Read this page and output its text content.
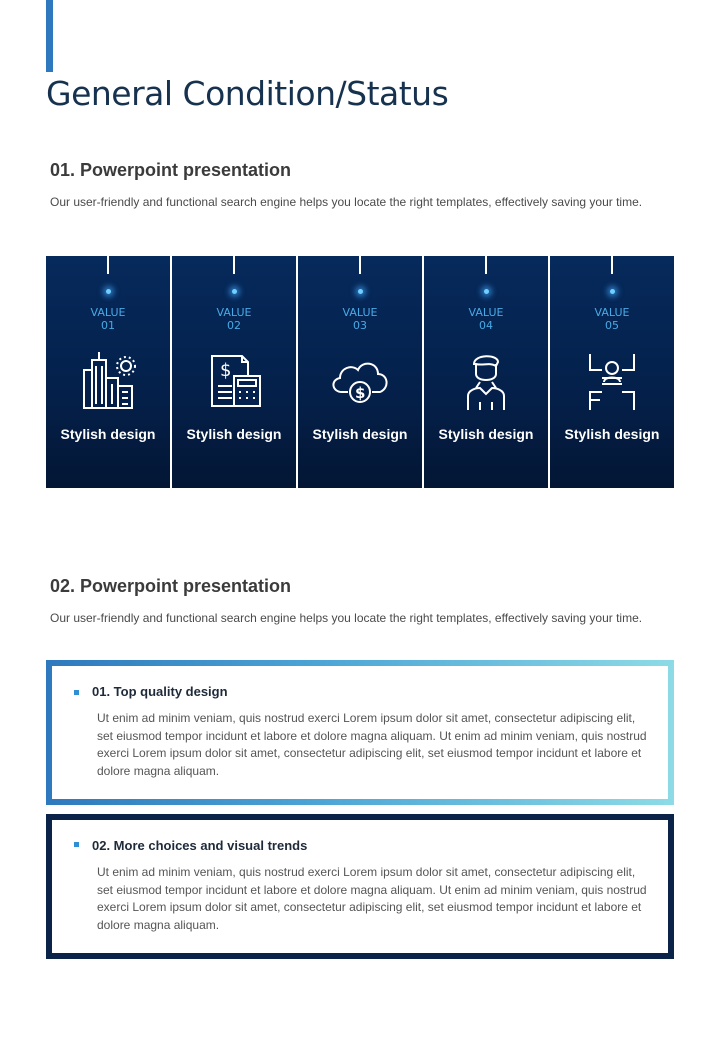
General Condition/Status
01. Powerpoint presentation

Our user-friendly and functional search engine helps you locate the right templates, effectively saving your time.

VALUE
01
Stylish design
VALUE
02
$
Stylish design
VALUE
03
$
Stylish design
VALUE
04
Stylish design
VALUE
05
Stylish design
02. Powerpoint presentation

Our user-friendly and functional search engine helps you locate the right templates, effectively saving your time.

01. Top quality design

Ut enim ad minim veniam, quis nostrud exerci Lorem ipsum dolor sit amet, consectetur adipiscing elit, set eiusmod tempor incidunt et labore et dolore magna aliquam. Ut enim ad minim veniam, quis nostrud exerci Lorem ipsum dolor sit amet, consectetur adipiscing elit, set eiusmod tempor incidunt et labore et dolore magna aliquam.

02. More choices and visual trends

Ut enim ad minim veniam, quis nostrud exerci Lorem ipsum dolor sit amet, consectetur adipiscing elit, set eiusmod tempor incidunt et labore et dolore magna aliquam. Ut enim ad minim veniam, quis nostrud exerci Lorem ipsum dolor sit amet, consectetur adipiscing elit, set eiusmod tempor incidunt et labore et dolore magna aliquam.
